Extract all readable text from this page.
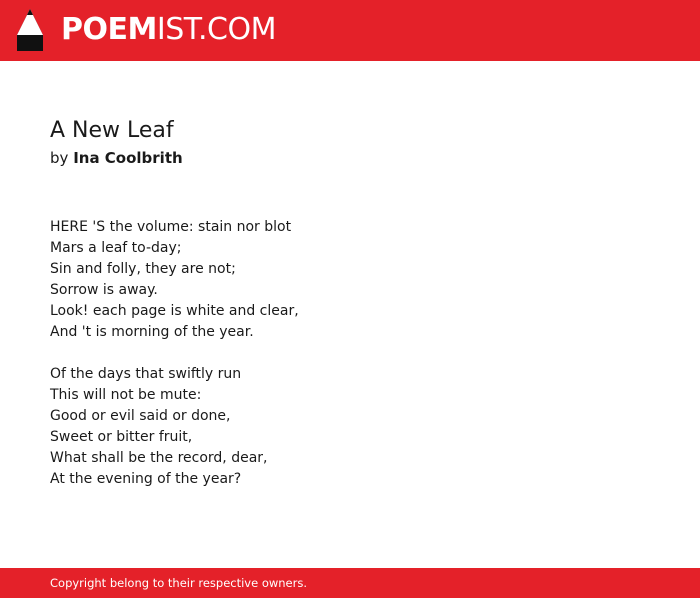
POEMIST.COM
A New Leaf

by Ina Coolbrith

HERE 'S the volume: stain nor blot
Mars a leaf to-day;
Sin and folly, they are not;
Sorrow is away.
Look! each page is white and clear,
And 't is morning of the year.
Of the days that swiftly run
This will not be mute:
Good or evil said or done,
Sweet or bitter fruit,
What shall be the record, dear,
At the evening of the year?
Copyright belong to their respective owners.
